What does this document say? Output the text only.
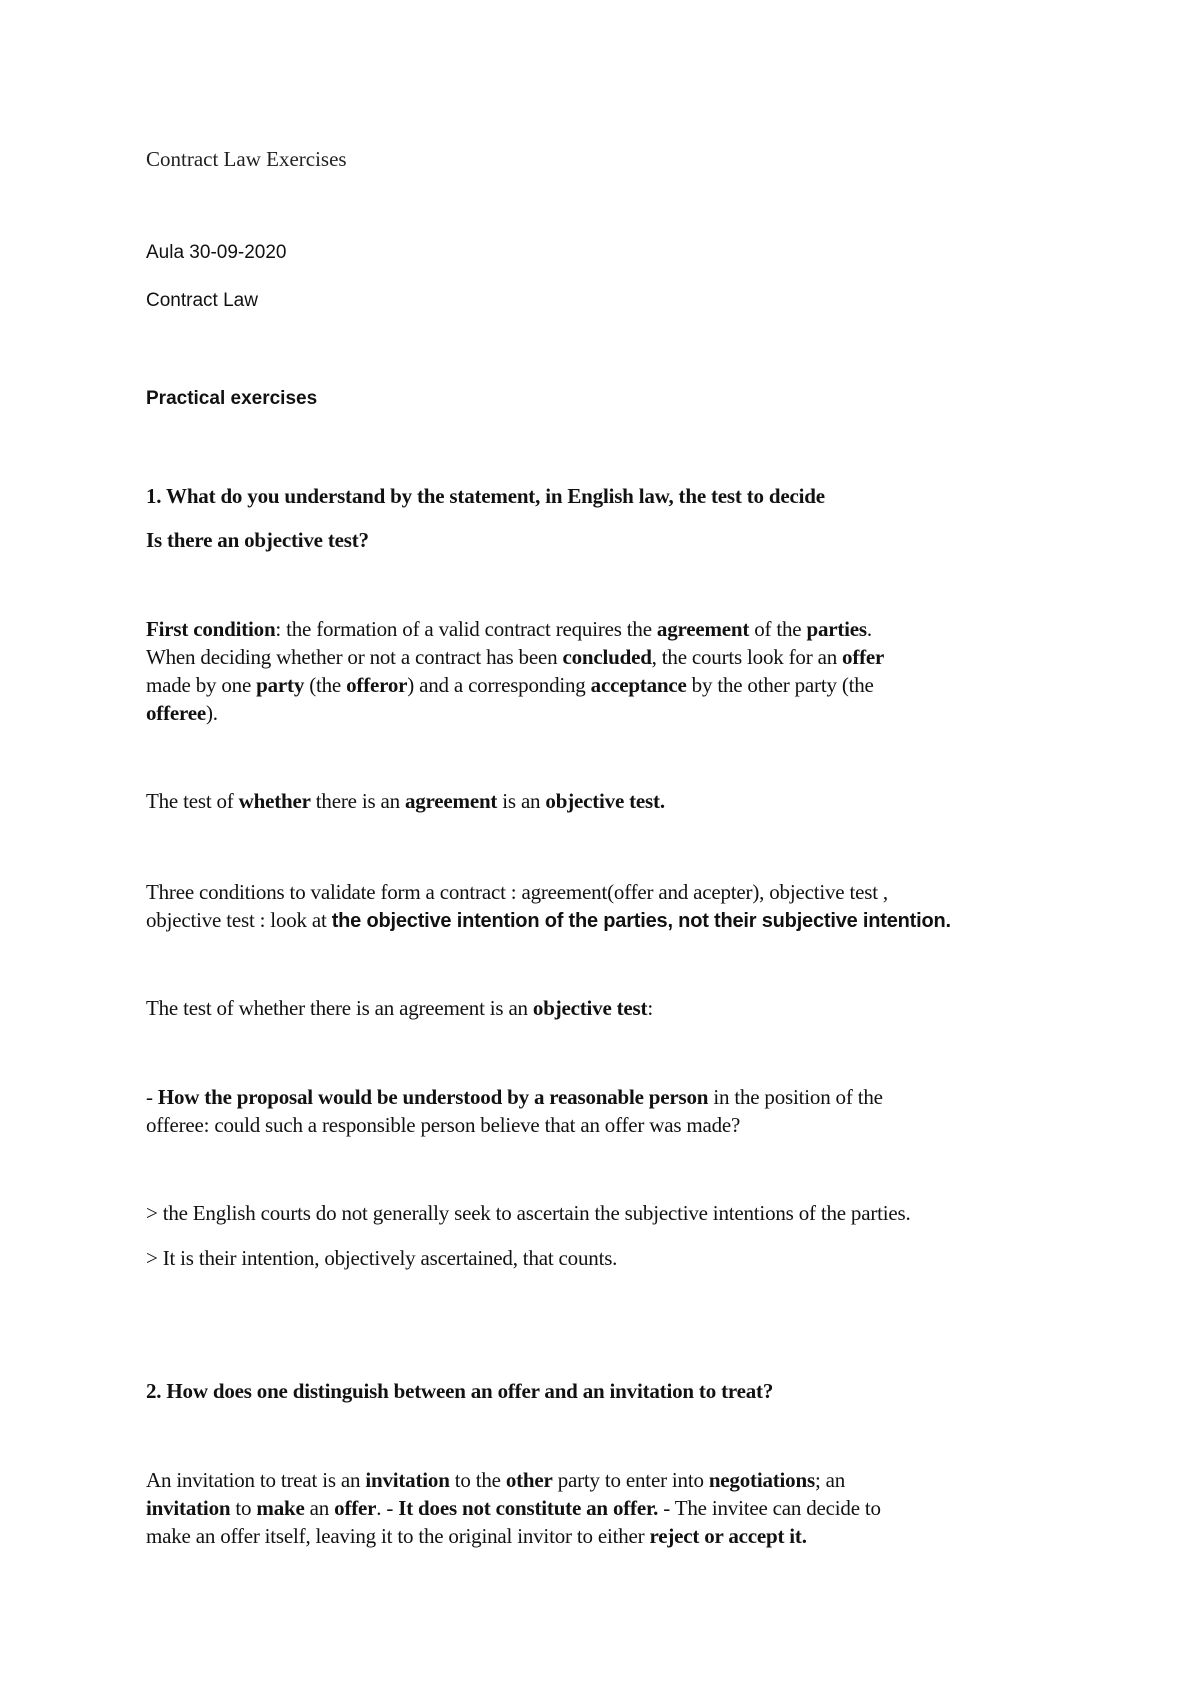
Contract Law Exercises
Aula 30-09-2020
Contract Law
Practical exercises
1. What do you understand by the statement, in English law, the test to decide
Is there an objective test?
First condition: the formation of a valid contract requires the agreement of the parties.
When deciding whether or not a contract has been concluded, the courts look for an offer
made by one party (the offeror) and a corresponding acceptance by the other party (the
offeree).
The test of whether there is an agreement is an objective test.
Three conditions to validate form a contract : agreement(offer and acepter), objective test ,
objective test : look at the objective intention of the parties, not their subjective intention.
The test of whether there is an agreement is an objective test:
- How the proposal would be understood by a reasonable person in the position of the
offeree: could such a responsible person believe that an offer was made?
> the English courts do not generally seek to ascertain the subjective intentions of the parties.
> It is their intention, objectively ascertained, that counts.
2. How does one distinguish between an offer and an invitation to treat?
An invitation to treat is an invitation to the other party to enter into negotiations; an
invitation to make an offer. - It does not constitute an offer. - The invitee can decide to
make an offer itself, leaving it to the original invitor to either reject or accept it.
